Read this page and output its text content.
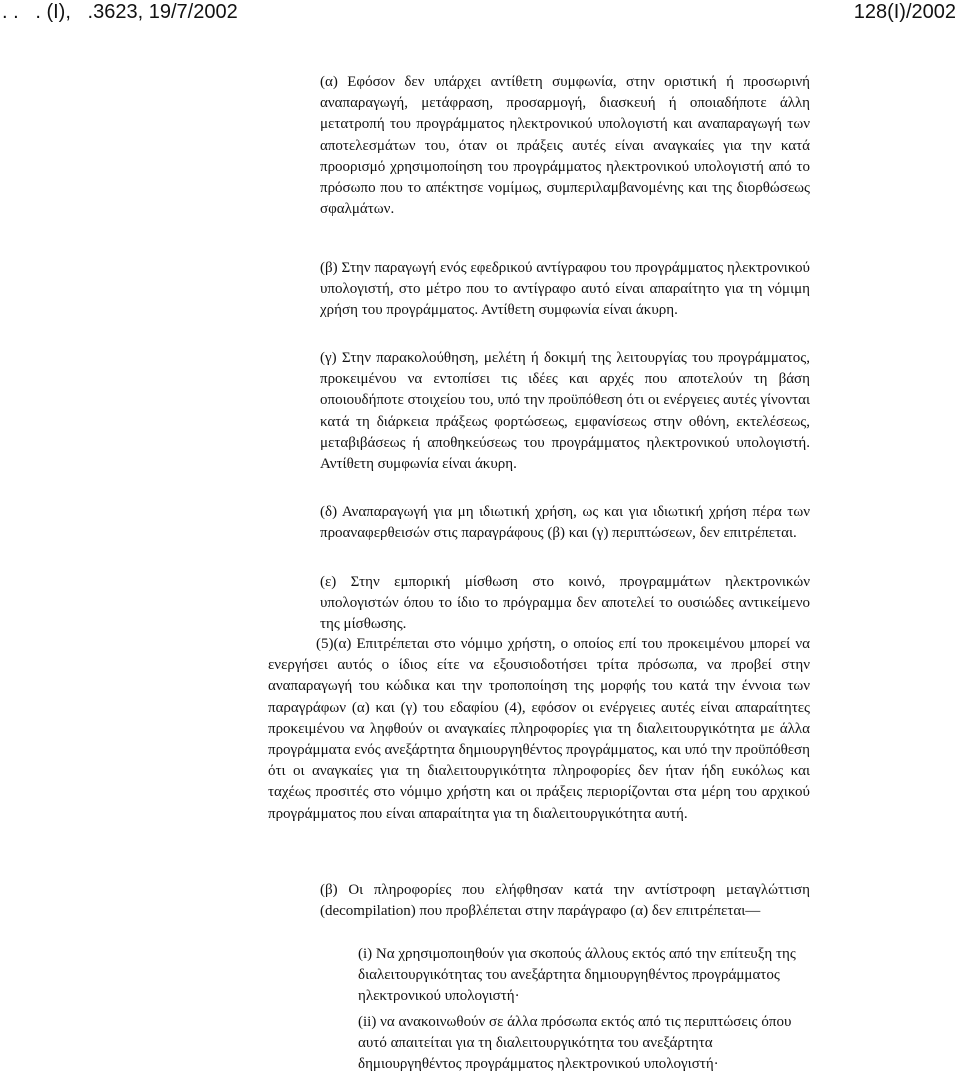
. .   . (Ι),   .3623, 19/7/2002	128(Ι)/2002

(α) Εφόσον δεν υπάρχει αντίθετη συμφωνία, στην οριστική ή προσωρινή αναπαραγωγή, μετάφραση, προσαρμογή, διασκευή ή οποιαδήποτε άλλη μετατροπή του προγράμματος ηλεκτρονικού υπολογιστή και αναπαραγωγή των αποτελεσμάτων του, όταν οι πράξεις αυτές είναι αναγκαίες για την κατά προορισμό χρησιμοποίηση του προγράμματος ηλεκτρονικού υπολογιστή από το πρόσωπο που το απέκτησε νομίμως, συμπεριλαμβανομένης και της διορθώσεως σφαλμάτων.

(β) Στην παραγωγή ενός εφεδρικού αντίγραφου του προγράμματος ηλεκτρονικού υπολογιστή, στο μέτρο που το αντίγραφο αυτό είναι απαραίτητο για τη νόμιμη χρήση του προγράμματος. Αντίθετη συμφωνία είναι άκυρη.

(γ) Στην παρακολούθηση, μελέτη ή δοκιμή της λειτουργίας του προγράμματος, προκειμένου να εντοπίσει τις ιδέες και αρχές που αποτελούν τη βάση οποιουδήποτε στοιχείου του, υπό την προϋπόθεση ότι οι ενέργειες αυτές γίνονται κατά τη διάρκεια πράξεως φορτώσεως, εμφανίσεως στην οθόνη, εκτελέσεως, μεταβιβάσεως ή αποθηκεύσεως του προγράμματος ηλεκτρονικού υπολογιστή. Αντίθετη συμφωνία είναι άκυρη.

(δ) Αναπαραγωγή για μη ιδιωτική χρήση, ως και για ιδιωτική χρήση πέρα των προαναφερθεισών στις παραγράφους (β) και (γ) περιπτώσεων, δεν επιτρέπεται.

(ε) Στην εμπορική μίσθωση στο κοινό, προγραμμάτων ηλεκτρονικών υπολογιστών όπου το ίδιο το πρόγραμμα δεν αποτελεί το ουσιώδες αντικείμενο της μίσθωσης.

(5)(α) Επιτρέπεται στο νόμιμο χρήστη, ο οποίος επί του προκειμένου μπορεί να ενεργήσει αυτός ο ίδιος είτε να εξουσιοδοτήσει τρίτα πρόσωπα, να προβεί στην αναπαραγωγή του κώδικα και την τροποποίηση της μορφής του κατά την έννοια των παραγράφων (α) και (γ) του εδαφίου (4), εφόσον οι ενέργειες αυτές είναι απαραίτητες προκειμένου να ληφθούν οι αναγκαίες πληροφορίες για τη διαλειτουργικότητα με άλλα προγράμματα ενός ανεξάρτητα δημιουργηθέντος προγράμματος, και υπό την προϋπόθεση ότι οι αναγκαίες για τη διαλειτουργικότητα πληροφορίες δεν ήταν ήδη ευκόλως και ταχέως προσιτές στο νόμιμο χρήστη και οι πράξεις περιορίζονται στα μέρη του αρχικού προγράμματος που είναι απαραίτητα για τη διαλειτουργικότητα αυτή.

(β) Οι πληροφορίες που ελήφθησαν κατά την αντίστροφη μεταγλώττιση (decompilation) που προβλέπεται στην παράγραφο (α) δεν επιτρέπεται—

(i) Να χρησιμοποιηθούν για σκοπούς άλλους εκτός από την επίτευξη της διαλειτουργικότητας του ανεξάρτητα δημιουργηθέντος προγράμματος ηλεκτρονικού υπολογιστή·

(ii) να ανακοινωθούν σε άλλα πρόσωπα εκτός από τις περιπτώσεις όπου αυτό απαιτείται για τη διαλειτουργικότητα του ανεξάρτητα δημιουργηθέντος προγράμματος ηλεκτρονικού υπολογιστή·
